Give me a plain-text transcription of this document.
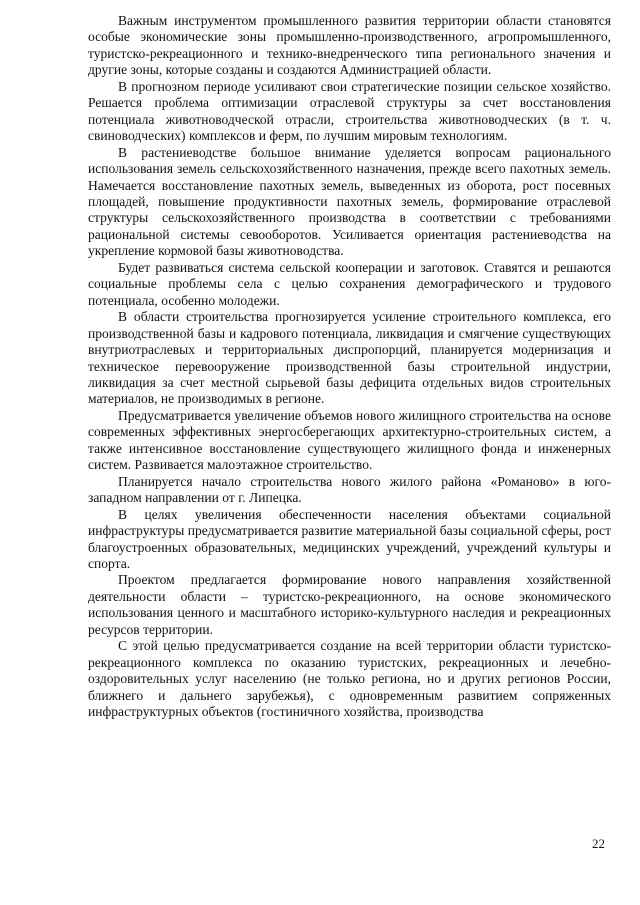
Важным инструментом промышленного развития территории области становятся особые экономические зоны промышленно-производственного, агропромышленного, туристско-рекреационного и технико-внедренческого типа регионального значения и другие зоны, которые созданы и создаются Администрацией области.

В прогнозном периоде усиливают свои стратегические позиции сельское хозяйство. Решается проблема оптимизации отраслевой структуры за счет восстановления потенциала животноводческой отрасли, строительства животноводческих (в т. ч. свиноводческих) комплексов и ферм, по лучшим мировым технологиям.

В растениеводстве большое внимание уделяется вопросам рационального использования земель сельскохозяйственного назначения, прежде всего пахотных земель. Намечается восстановление пахотных земель, выведенных из оборота, рост посевных площадей, повышение продуктивности пахотных земель, формирование отраслевой структуры сельскохозяйственного производства в соответствии с требованиями рациональной системы севооборотов. Усиливается ориентация растениеводства на укрепление кормовой базы животноводства.

Будет развиваться система сельской кооперации и заготовок. Ставятся и решаются социальные проблемы села с целью сохранения демографического и трудового потенциала, особенно молодежи.

В области строительства прогнозируется усиление строительного комплекса, его производственной базы и кадрового потенциала, ликвидация и смягчение существующих внутриотраслевых и территориальных диспропорций, планируется модернизация и техническое перевооружение производственной базы строительной индустрии, ликвидация за счет местной сырьевой базы дефицита отдельных видов строительных материалов, не производимых в регионе.

Предусматривается увеличение объемов нового жилищного строительства на основе современных эффективных энергосберегающих архитектурно-строительных систем, а также интенсивное восстановление существующего жилищного фонда и инженерных систем. Развивается малоэтажное строительство.

Планируется начало строительства нового жилого района «Романово» в юго-западном направлении от г. Липецка.

В целях увеличения обеспеченности населения объектами социальной инфраструктуры предусматривается развитие материальной базы социальной сферы, рост благоустроенных образовательных, медицинских учреждений, учреждений культуры и спорта.

Проектом предлагается формирование нового направления хозяйственной деятельности области – туристско-рекреационного, на основе экономического использования ценного и масштабного историко-культурного наследия и рекреационных ресурсов территории.

С этой целью предусматривается создание на всей территории области туристско-рекреационного комплекса по оказанию туристских, рекреационных и лечебно-оздоровительных услуг населению (не только региона, но и других регионов России, ближнего и дальнего зарубежья), с одновременным развитием сопряженных инфраструктурных объектов (гостиничного хозяйства, производства

22
